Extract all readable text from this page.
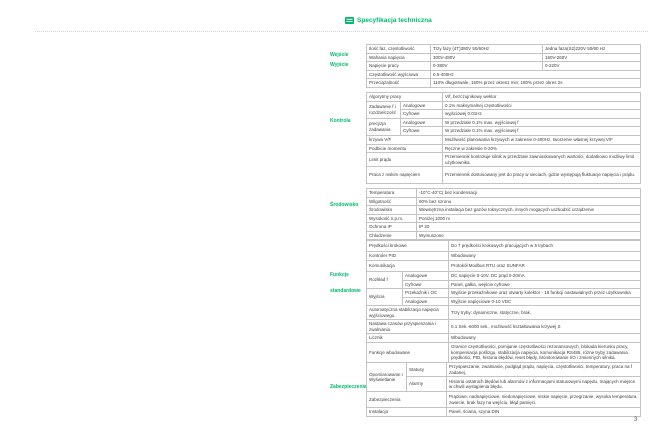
Specyfikacja techniczna
Wejście
Wyjście
Ilość faz, częstotliwość	Trzy fazy (4T)380V 50/60Hz	Jedna faza(S2)220V 50/60 Hz
Wahania napięcia	300V-480V	160V-260V
Napięcie pracy	0-380V	0-220V
Częstotliwość wyjściowa	0.5-400Hz	
Przeciążalność	110% długotrwale, 150% przez okres1 min; 180% przez okres 2s	
Kontrola
Algorytmy pracy		V/f, bezczujnikowy wektor
Zadawanie f i rozdzielczość	Analogowe	0.1% maksymalnej częstotliwości
	Cyfrowe	wyjściowej 0.01Hz
precyzja zadawania	Analogowe	W przedziale 0.1% max. wyjściowej f
	Cyfrowe	W przedziale 0.1% max. wyjściowej f
krzywa V/F		Możliwość planowania krzywych w zakresie 0-400Hz, tworzenie własnej krzywej V/F
Podbicie momentu		Ręczne w zakresie 0-20%
Limit prądu		Przemiennik kontroluje silnik w przedziale zawnioskowanych wartości, dodatkowo możliwy limit użytkownika.
Praca z niskim napięciem		Przemiennik dostosowany jest do pracy w sieciach, gdzie występują fluktuacje napięcia i prądu.
Środowisko
Temperatura	-10°C-40°C( bez kondensacji
Wilgotność	90% bez szronu
Środowisko	Wewnętrzna instalacja bez gazów toksycznych, innych mogących uszkodzić urządzenie
Wysokość n.p.m.	Poniżej 1000 m
Ochrona IP	IP 20
Chłodzenie	Wymuszone
Funkcje
standardowe
Prędkości krokowe		Do 7 prędkości krokowych pracujących w 5 trybach
Kontroler PID		Wbudowany
Komunikacja		Protokół Modbus RTU oraz SUNFAR
Rozkład f	Analogowe	DC napięcie 0-10V, DC prąd 0-20mA
	Cyfrowe	Panel, gałka, wejście cyfrowe
Wyjścia	Przekaźnik i OC	Wyjście przekaźnikowe oraz otwarty kolektor - 18 funkcji nastawialnych przez użytkownika
	Analogowe	Wyjście napięciowe 0-10 VDC
Automatyczna stabilizacja napięcia wyjściowego.		Trzy tryby: dynamiczne, statyczne, brak.
Nastawa czasów przyspieszania i zwalniania		0.1 Sek.-6000 sek., możliwość kształtowania krzywej S
Licznik		Wbudowany
Funkcje wbudowane		Granice częstotliwości, pomijanie częstotliwości rezonansowych, blokada kierunku pracy, kompensacja poślizgu, stabilizacja napięcia, komunikacja RS485, różne tryby zadawania prędkości, PID, historia błędów, reset błędy, Monitorowanie I/O i zmiennych silnika.
Zabezpieczenia
Opomiarowanie i Wyświetlanie	Statusy	Przyspieszanie, zwalnianie, podgląd prądu, napięcia, częstotliwości, temperatury, praca na f zadanej,
	Alarmy	Historia ostatnich błędów lub alarmów z informacjami statusowymi napędu, mających miejsce w chwili wystąpienia błędu.
Zabezpieczenia		Prądowe, nadnapięciowe, niedonapięciowe, niskie napięcie, przegrzanie, wysoka temperatura, zwarcie, brak fazy na wejściu, błąd pamięci.
Instalacja		Panel, ściana, szyna DIN
3
